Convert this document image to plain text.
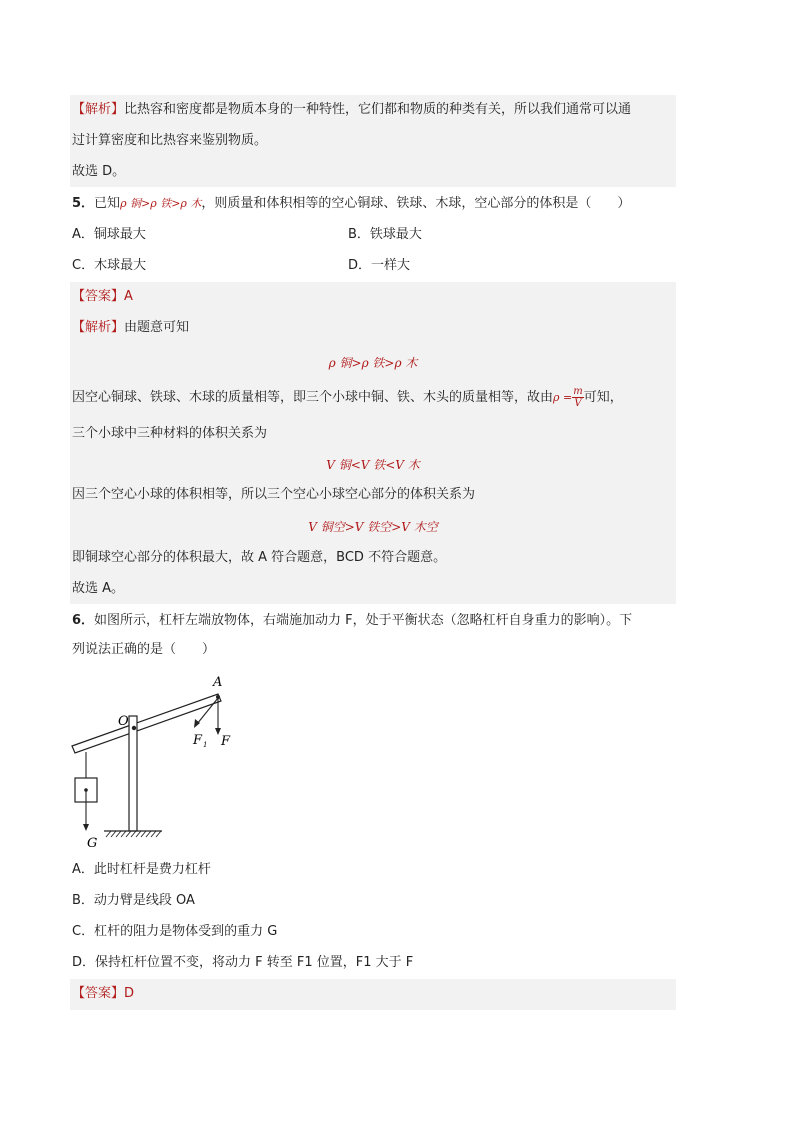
【解析】比热容和密度都是物质本身的一种特性，它们都和物质的种类有关，所以我们通常可以通
过计算密度和比热容来鉴别物质。
故选 D。
5．已知ρ 铜>ρ 铁>ρ 木，则质量和体积相等的空心铜球、铁球、木球，空心部分的体积是（　　）
A．铜球最大	B．铁球最大
C．木球最大	D．一样大
【答案】A
【解析】由题意可知
ρ 铜>ρ 铁>ρ 木
因空心铜球、铁球、木球的质量相等，即三个小球中铜、铁、木头的质量相等，故由$\rho = \frac{m}{V}$ 可知，
三个小球中三种材料的体积关系为
V 铜<V 铁<V 木
因三个空心小球的体积相等，所以三个空心小球空心部分的体积关系为
V 铜空>V 铁空>V 木空
即铜球空心部分的体积最大，故 A 符合题意，BCD 不符合题意。
故选 A。
6．如图所示，杠杆左端放物体，右端施加动力 F，处于平衡状态（忽略杠杆自身重力的影响）。下
列说法正确的是（　　）
A
O
F 1 F
G
A．此时杠杆是费力杠杆
B．动力臂是线段 OA
C．杠杆的阻力是物体受到的重力 G
D．保持杠杆位置不变，将动力 F 转至 F1 位置，F1 大于 F
【答案】D
